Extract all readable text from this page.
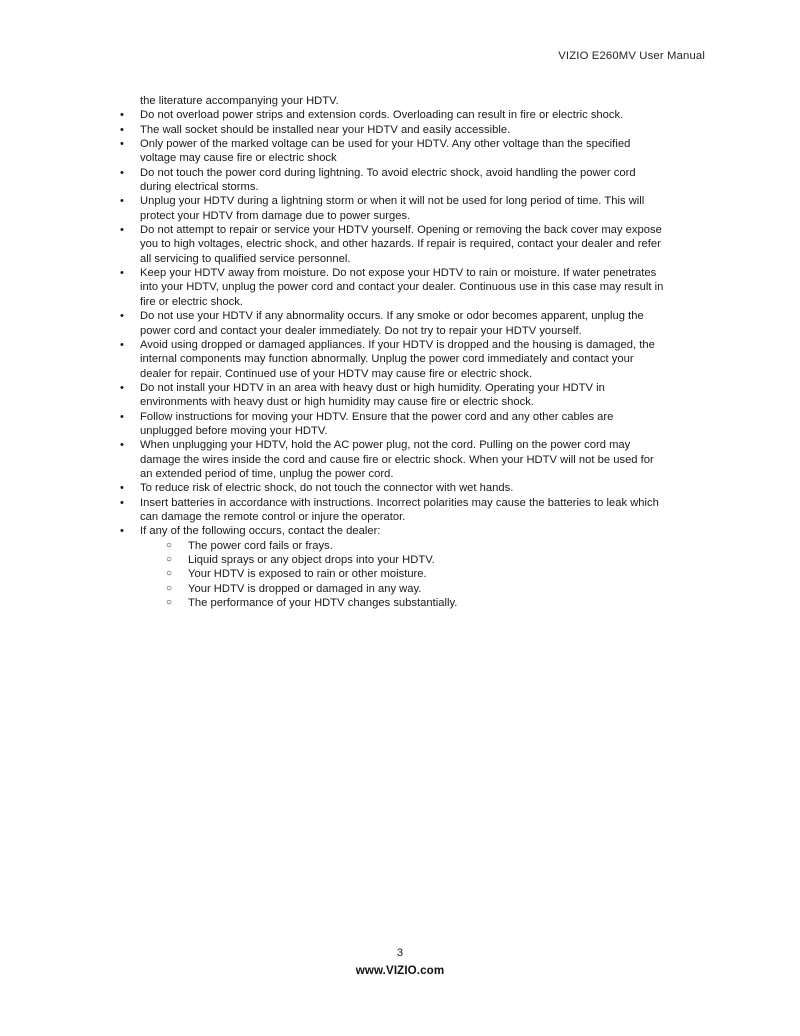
VIZIO E260MV User Manual

the literature accompanying your HDTV.

•	Do not overload power strips and extension cords. Overloading can result in fire or electric shock.
•	The wall socket should be installed near your HDTV and easily accessible.
•	Only power of the marked voltage can be used for your HDTV. Any other voltage than the specified voltage may cause fire or electric shock
•	Do not touch the power cord during lightning. To avoid electric shock, avoid handling the power cord during electrical storms.
•	Unplug your HDTV during a lightning storm or when it will not be used for long period of time. This will protect your HDTV from damage due to power surges.
•	Do not attempt to repair or service your HDTV yourself. Opening or removing the back cover may expose you to high voltages, electric shock, and other hazards. If repair is required, contact your dealer and refer all servicing to qualified service personnel.
•	Keep your HDTV away from moisture. Do not expose your HDTV to rain or moisture. If water penetrates into your HDTV, unplug the power cord and contact your dealer. Continuous use in this case may result in fire or electric shock.
•	Do not use your HDTV if any abnormality occurs. If any smoke or odor becomes apparent, unplug the power cord and contact your dealer immediately. Do not try to repair your HDTV yourself.
•	Avoid using dropped or damaged appliances. If your HDTV is dropped and the housing is damaged, the internal components may function abnormally. Unplug the power cord immediately and contact your dealer for repair. Continued use of your HDTV may cause fire or electric shock.
•	Do not install your HDTV in an area with heavy dust or high humidity. Operating your HDTV in environments with heavy dust or high humidity may cause fire or electric shock.
•	Follow instructions for moving your HDTV. Ensure that the power cord and any other cables are unplugged before moving your HDTV.
•	When unplugging your HDTV, hold the AC power plug, not the cord. Pulling on the power cord may damage the wires inside the cord and cause fire or electric shock. When your HDTV will not be used for an extended period of time, unplug the power cord.
•	To reduce risk of electric shock, do not touch the connector with wet hands.
•	Insert batteries in accordance with instructions. Incorrect polarities may cause the batteries to leak which can damage the remote control or injure the operator.
•	If any of the following occurs, contact the dealer:
○ The power cord fails or frays.
○ Liquid sprays or any object drops into your HDTV.
○ Your HDTV is exposed to rain or other moisture.
○ Your HDTV is dropped or damaged in any way.
○ The performance of your HDTV changes substantially.
3
www.VIZIO.com
